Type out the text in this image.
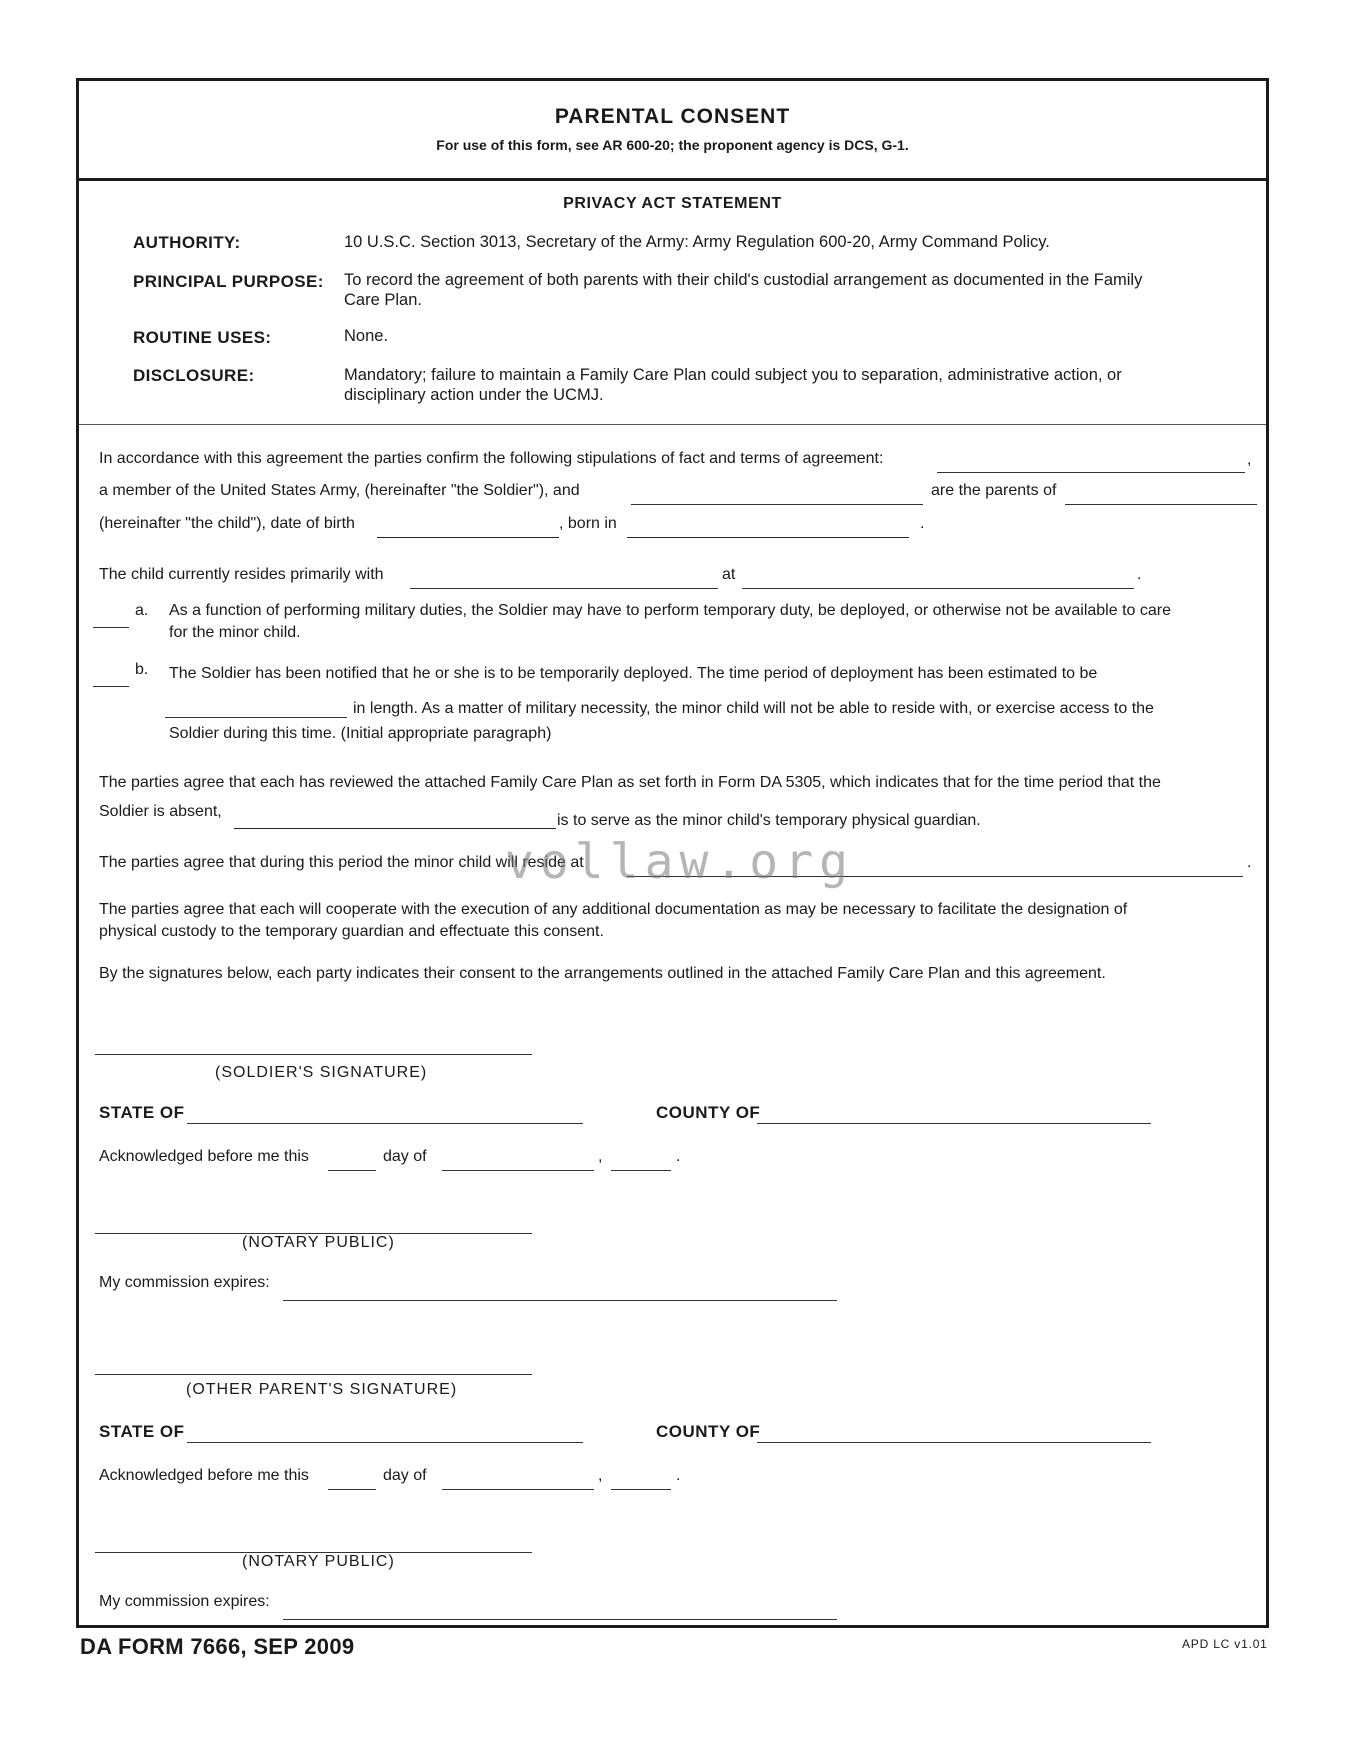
PARENTAL CONSENT
For use of this form, see AR 600-20; the proponent agency is DCS, G-1.
PRIVACY ACT STATEMENT
AUTHORITY:	10 U.S.C. Section 3013, Secretary of the Army: Army Regulation 600-20, Army Command Policy.
PRINCIPAL PURPOSE: To record the agreement of both parents with their child's custodial arrangement as documented in the Family
Care Plan.
ROUTINE USES:	None.
DISCLOSURE:	Mandatory; failure to maintain a Family Care Plan could subject you to separation, administrative action, or
disciplinary action under the UCMJ.
In accordance with this agreement the parties confirm the following stipulations of fact and terms of agreement:	,
a member of the United States Army, (hereinafter "the Soldier"), and	are the parents of
(hereinafter "the child"), date of birth	, born in	.
The child currently resides primarily with	at	.
a. As a function of performing military duties, the Soldier may have to perform temporary duty, be deployed, or otherwise not be available to care
for the minor child.
b. The Soldier has been notified that he or she is to be temporarily deployed. The time period of deployment has been estimated to be
in length. As a matter of military necessity, the minor child will not be able to reside with, or exercise access to the
Soldier during this time. (Initial appropriate paragraph)
The parties agree that each has reviewed the attached Family Care Plan as set forth in Form DA 5305, which indicates that for the time period that the
Soldier is absent,
is to serve as the minor child's temporary physical guardian.
The parties agree that during this period the minor child will reside at	.
The parties agree that each will cooperate with the execution of any additional documentation as may be necessary to facilitate the designation of
physical custody to the temporary guardian and effectuate this consent.
By the signatures below, each party indicates their consent to the arrangements outlined in the attached Family Care Plan and this agreement.
(SOLDIER'S SIGNATURE)
STATE OF	COUNTY OF
Acknowledged before me this	day of	,	.
(NOTARY PUBLIC)
My commission expires:
(OTHER PARENT'S SIGNATURE)
STATE OF	COUNTY OF
Acknowledged before me this	day of	,	.
(NOTARY PUBLIC)
My commission expires:
vollaw.org
DA FORM 7666, SEP 2009	APD LC v1.01
